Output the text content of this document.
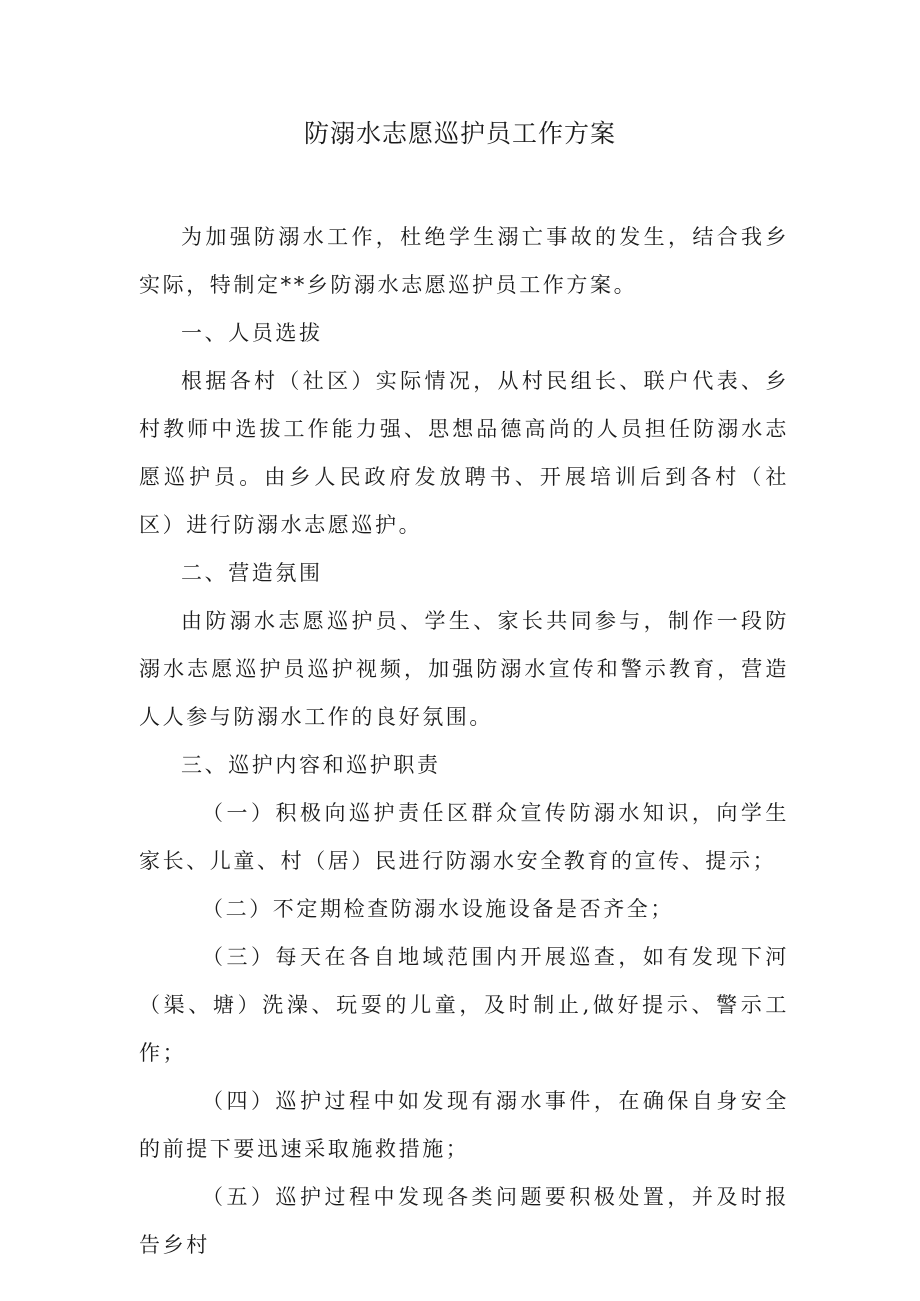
防溺水志愿巡护员工作方案

为加强防溺水工作，杜绝学生溺亡事故的发生，结合我乡实际，特制定**乡防溺水志愿巡护员工作方案。

一、人员选拔

根据各村（社区）实际情况，从村民组长、联户代表、乡村教师中选拔工作能力强、思想品德高尚的人员担任防溺水志愿巡护员。由乡人民政府发放聘书、开展培训后到各村（社区）进行防溺水志愿巡护。

二、营造氛围

由防溺水志愿巡护员、学生、家长共同参与，制作一段防溺水志愿巡护员巡护视频，加强防溺水宣传和警示教育，营造人人参与防溺水工作的良好氛围。

三、巡护内容和巡护职责

（一）积极向巡护责任区群众宣传防溺水知识，向学生家长、儿童、村（居）民进行防溺水安全教育的宣传、提示；

（二）不定期检查防溺水设施设备是否齐全；

（三）每天在各自地域范围内开展巡查，如有发现下河（渠、塘）洗澡、玩耍的儿童，及时制止,做好提示、警示工作；

（四）巡护过程中如发现有溺水事件，在确保自身安全的前提下要迅速采取施救措施；

（五）巡护过程中发现各类问题要积极处置，并及时报告乡村
